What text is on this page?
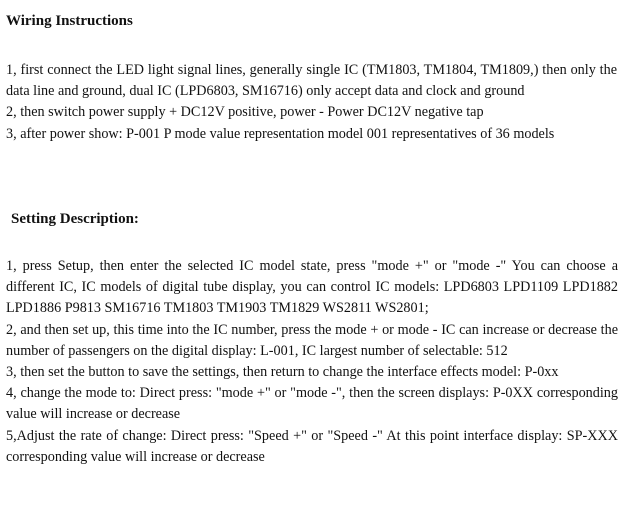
Wiring Instructions

1, first connect the LED light signal lines, generally single IC (TM1803, TM1804, TM1809,) then only the data line and ground, dual IC (LPD6803, SM16716) only accept data and clock and ground

2, then switch power supply + DC12V positive, power - Power DC12V negative tap

3, after power show: P-001 P mode value representation model 001 representatives of 36 models

Setting Description:

1, press Setup, then enter the selected IC model state, press "mode +" or "mode -" You can choose a different IC, IC models of digital tube display, you can control IC models: LPD6803 LPD1109 LPD1882 LPD1886 P9813 SM16716 TM1803 TM1903 TM1829 WS2811 WS2801;

2, and then set up, this time into the IC number, press the mode + or mode - IC can increase or decrease the number of passengers on the digital display: L-001, IC largest number of selectable: 512

3, then set the button to save the settings, then return to change the interface effects model: P-0xx

4, change the mode to: Direct press: "mode +" or "mode -", then the screen displays: P-0XX corresponding value will increase or decrease

5,Adjust the rate of change: Direct press: "Speed +" or "Speed -" At this point interface display: SP-XXX corresponding value will increase or decrease
